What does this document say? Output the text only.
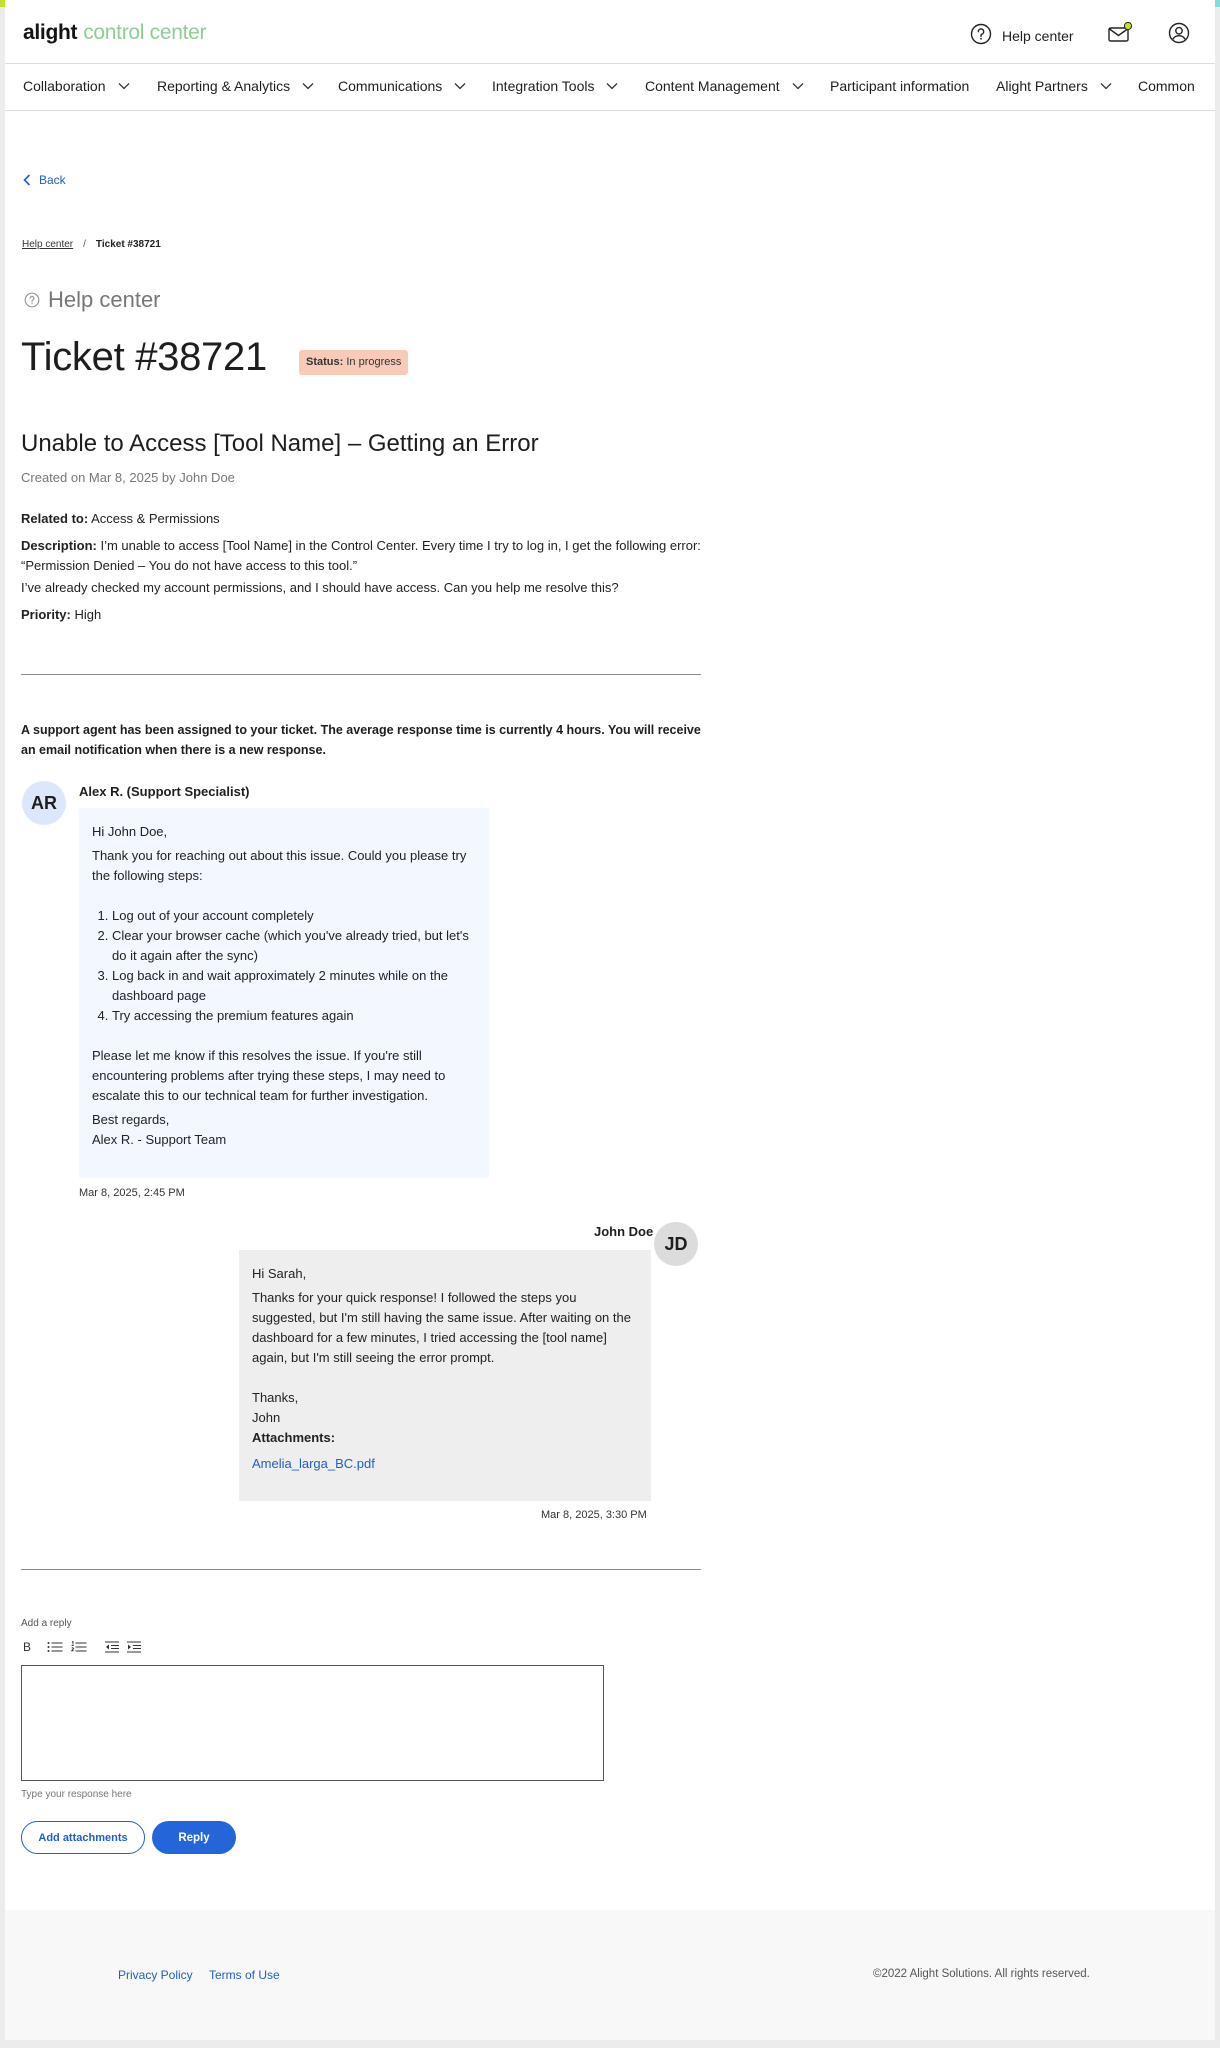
alight control center	Help center
Collaboration	Reporting & Analytics	Communications	Integration Tools	Content Management	Participant information Alight Partners	Common
Back
Help center / Ticket #38721
Help center
Ticket #38721	Status: In progress
Unable to Access [Tool Name] – Getting an Error
Created on Mar 8, 2025 by John Doe
Related to: Access & Permissions
Description: I’m unable to access [Tool Name] in the Control Center. Every time I try to log in, I get the following error: “Permission Denied – You do not have access to this tool.”
I’ve already checked my account permissions, and I should have access. Can you help me resolve this?
Priority: High
A support agent has been assigned to your ticket. The average response time is currently 4 hours. You will receive an email notification when there is a new response.
AR
Alex R. (Support Specialist)

Hi John Doe,

Thank you for reaching out about this issue. Could you please try the following steps:

1. Log out of your account completely
2. Clear your browser cache (which you've already tried, but let's do it again after the sync)
3. Log back in and wait approximately 2 minutes while on the dashboard page
4. Try accessing the premium features again

Please let me know if this resolves the issue. If you're still encountering problems after trying these steps, I may need to escalate this to our technical team for further investigation.

Best regards,

Alex R. - Support Team

Mar 8, 2025, 2:45 PM
John Doe
JD

Hi Sarah,

Thanks for your quick response! I followed the steps you suggested, but I'm still having the same issue. After waiting on the dashboard for a few minutes, I tried accessing the [tool name] again, but I'm still seeing the error prompt.

Thanks,

John

Attachments:

Amelia_larga_BC.pdf
Mar 8, 2025, 3:30 PM
Add a reply
B
Type your response here
Add attachments	Reply
Privacy Policy Terms of Use	©2022 Alight Solutions. All rights reserved.
